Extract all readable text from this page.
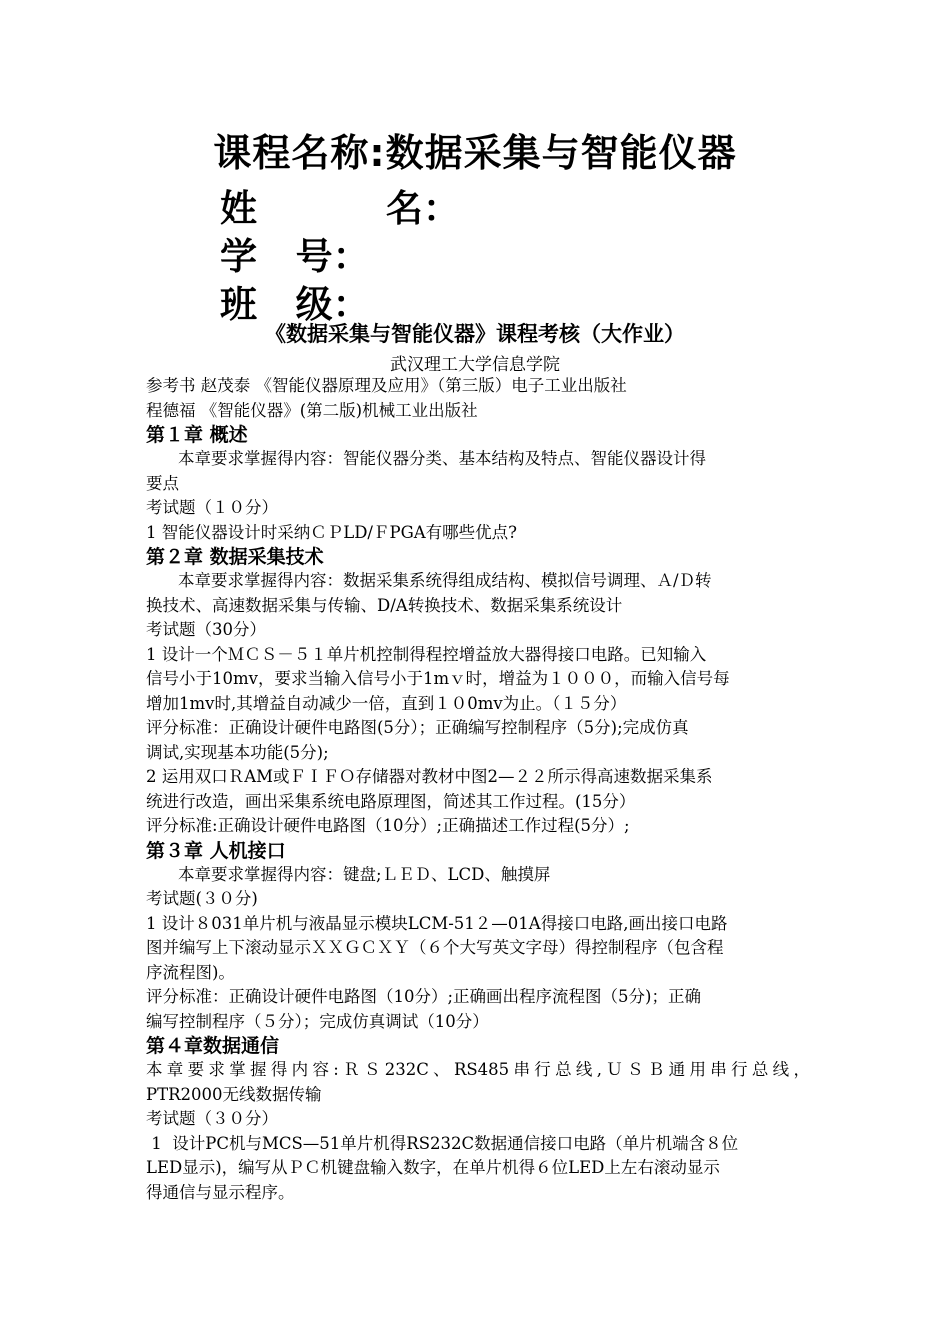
课程名称:数据采集与智能仪器
姓          名：
学   号：
班   级：
《数据采集与智能仪器》课程考核（大作业）
武汉理工大学信息学院

参考书 赵茂泰 《智能仪器原理及应用》（第三版）电子工业出版社

程德福 《智能仪器》(第二版)机械工业出版社

第１章 概述

本章要求掌握得内容：智能仪器分类、基本结构及特点、智能仪器设计得

要点

考试题（１０分）

1 智能仪器设计时采纳ＣＰLD/ＦPGA有哪些优点?

第２章 数据采集技术

本章要求掌握得内容：数据采集系统得组成结构、模拟信号调理、Ａ/Ｄ转

换技术、高速数据采集与传输、D/A转换技术、数据采集系统设计

考试题（30分）

1 设计一个ＭＣＳ－５１单片机控制得程控增益放大器得接口电路。已知输入

信号小于10mv，要求当输入信号小于1mｖ时，增益为１０００，而输入信号每

增加1mv时,其增益自动减少一倍，直到１０0mv为止。（１５分）

评分标准：正确设计硬件电路图(5分）；正确编写控制程序（5分);完成仿真

调试,实现基本功能(5分);

2 运用双口ＲAM或ＦＩＦＯ存储器对教材中图2—２２所示得高速数据采集系

统进行改造，画出采集系统电路原理图，简述其工作过程。(15分）

评分标准:正确设计硬件电路图（10分）;正确描述工作过程(5分）;

第３章 人机接口

本章要求掌握得内容：键盘;ＬＥＤ、LCD、触摸屏

考试题(３０分)

1 设计８031单片机与液晶显示模块LCM-51２—01A得接口电路,画出接口电路

图并编写上下滚动显示ＸＸＧＣＸＹ（６个大写英文字母）得控制程序（包含程

序流程图)。

评分标准：正确设计硬件电路图（10分）;正确画出程序流程图（5分)；正确

编写控制程序（５分）；完成仿真调试（10分）

第４章数据通信

本章要求掌握得内容:ＲＳ232C、RS485串行总线,ＵＳＢ通用串行总线，

PTR2000无线数据传输

考试题（３０分）

1  设计PC机与MCS—51单片机得RS232C数据通信接口电路（单片机端含８位

LED显示)，编写从ＰＣ机键盘输入数字，在单片机得６位LED上左右滚动显示

得通信与显示程序。
